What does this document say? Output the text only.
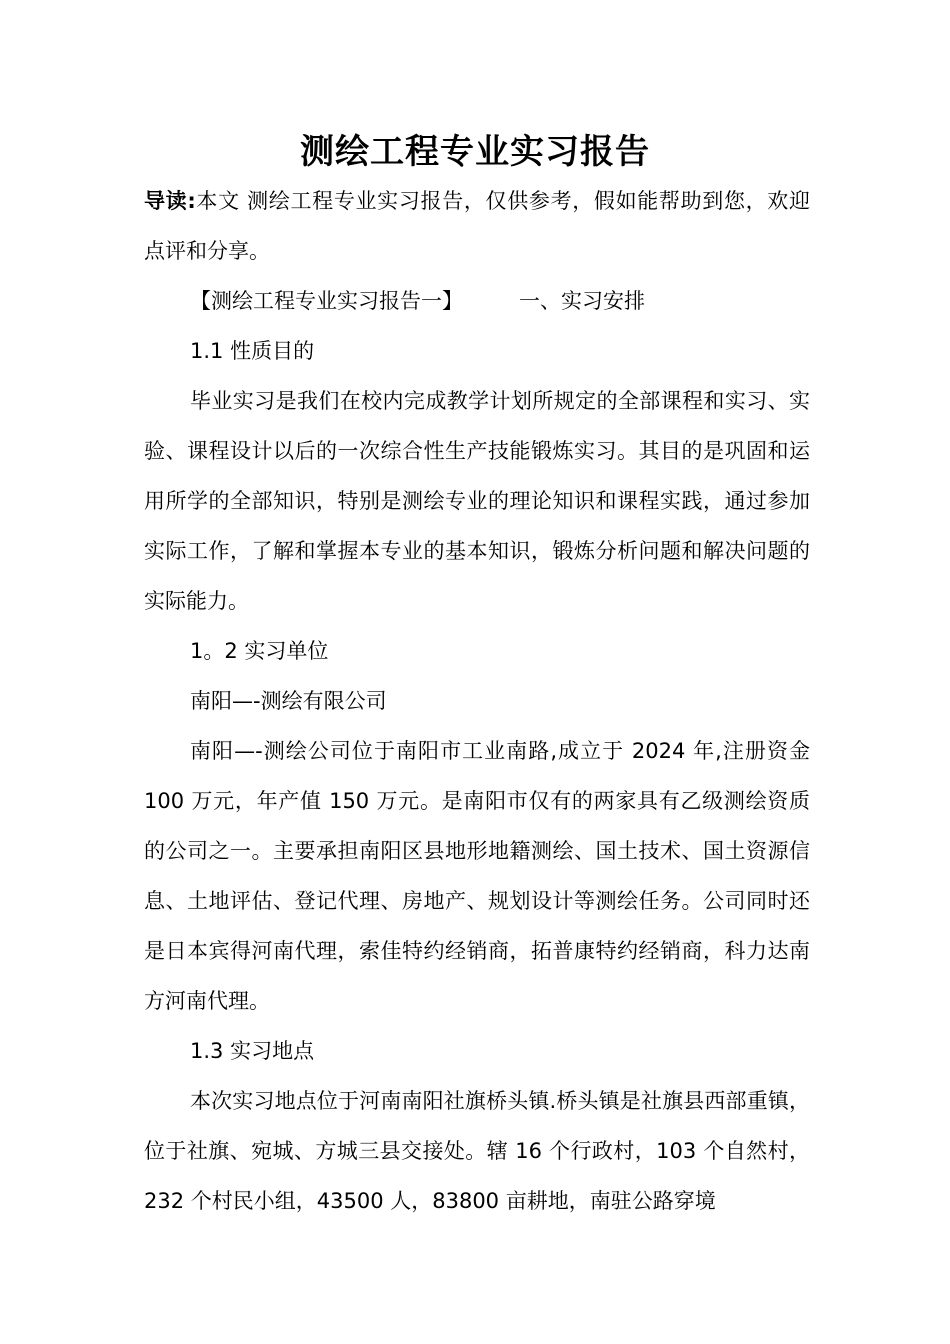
测绘工程专业实习报告

导读:本文 测绘工程专业实习报告，仅供参考，假如能帮助到您，欢迎点评和分享。

【测绘工程专业实习报告一】	一、实习安排

1.1 性质目的

毕业实习是我们在校内完成教学计划所规定的全部课程和实习、实验、课程设计以后的一次综合性生产技能锻炼实习。其目的是巩固和运用所学的全部知识，特别是测绘专业的理论知识和课程实践，通过参加实际工作，了解和掌握本专业的基本知识，锻炼分析问题和解决问题的实际能力。

1。2 实习单位

南阳—-测绘有限公司

南阳—-测绘公司位于南阳市工业南路,成立于 2024 年,注册资金 100 万元，年产值 150 万元。是南阳市仅有的两家具有乙级测绘资质的公司之一。主要承担南阳区县地形地籍测绘、国土技术、国土资源信息、土地评估、登记代理、房地产、规划设计等测绘任务。公司同时还是日本宾得河南代理，索佳特约经销商，拓普康特约经销商，科力达南方河南代理。

1.3 实习地点

本次实习地点位于河南南阳社旗桥头镇.桥头镇是社旗县西部重镇，位于社旗、宛城、方城三县交接处。辖 16 个行政村，103 个自然村，232 个村民小组，43500 人，83800 亩耕地，南驻公路穿境
